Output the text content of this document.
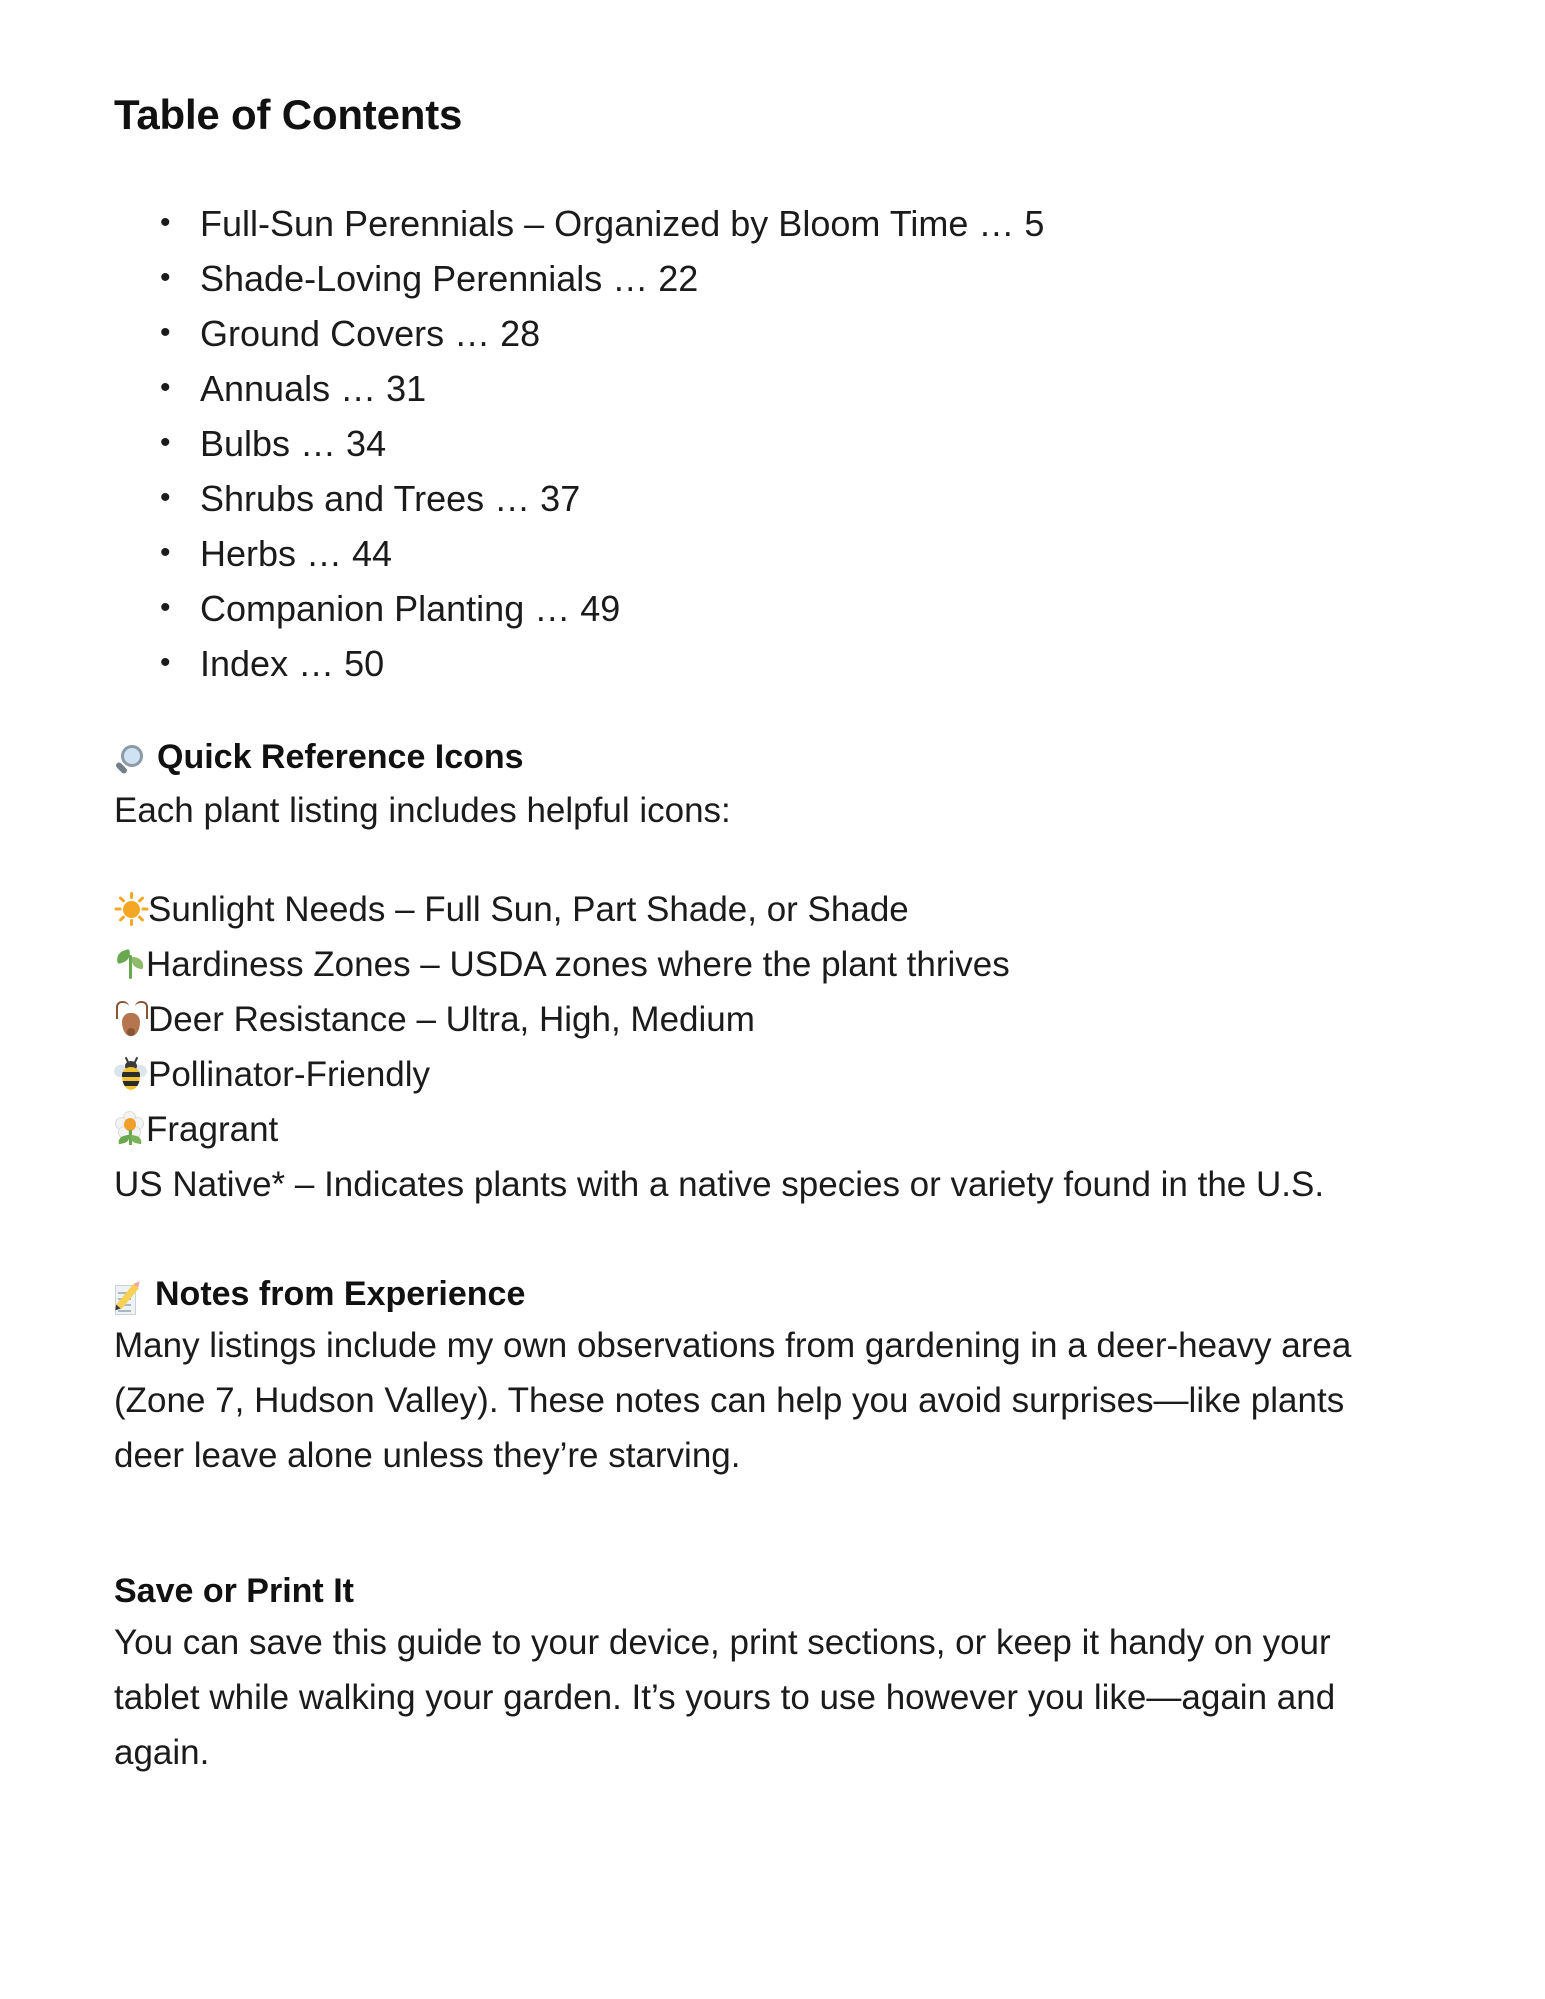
Table of Contents
• Full-Sun Perennials – Organized by Bloom Time … 5
• Shade-Loving Perennials … 22
• Ground Covers … 28
• Annuals … 31
• Bulbs … 34
• Shrubs and Trees … 37
• Herbs … 44
• Companion Planting … 49
• Index … 50
Quick Reference Icons

Each plant listing includes helpful icons:

Sunlight Needs – Full Sun, Part Shade, or Shade
Hardiness Zones – USDA zones where the plant thrives
Deer Resistance – Ultra, High, Medium
Pollinator-Friendly
Fragrant

US Native* – Indicates plants with a native species or variety found in the U.S.

Notes from Experience

Many listings include my own observations from gardening in a deer-heavy area (Zone 7, Hudson Valley). These notes can help you avoid surprises—like plants deer leave alone unless they’re starving.

Save or Print It

You can save this guide to your device, print sections, or keep it handy on your tablet while walking your garden. It’s yours to use however you like—again and again.
